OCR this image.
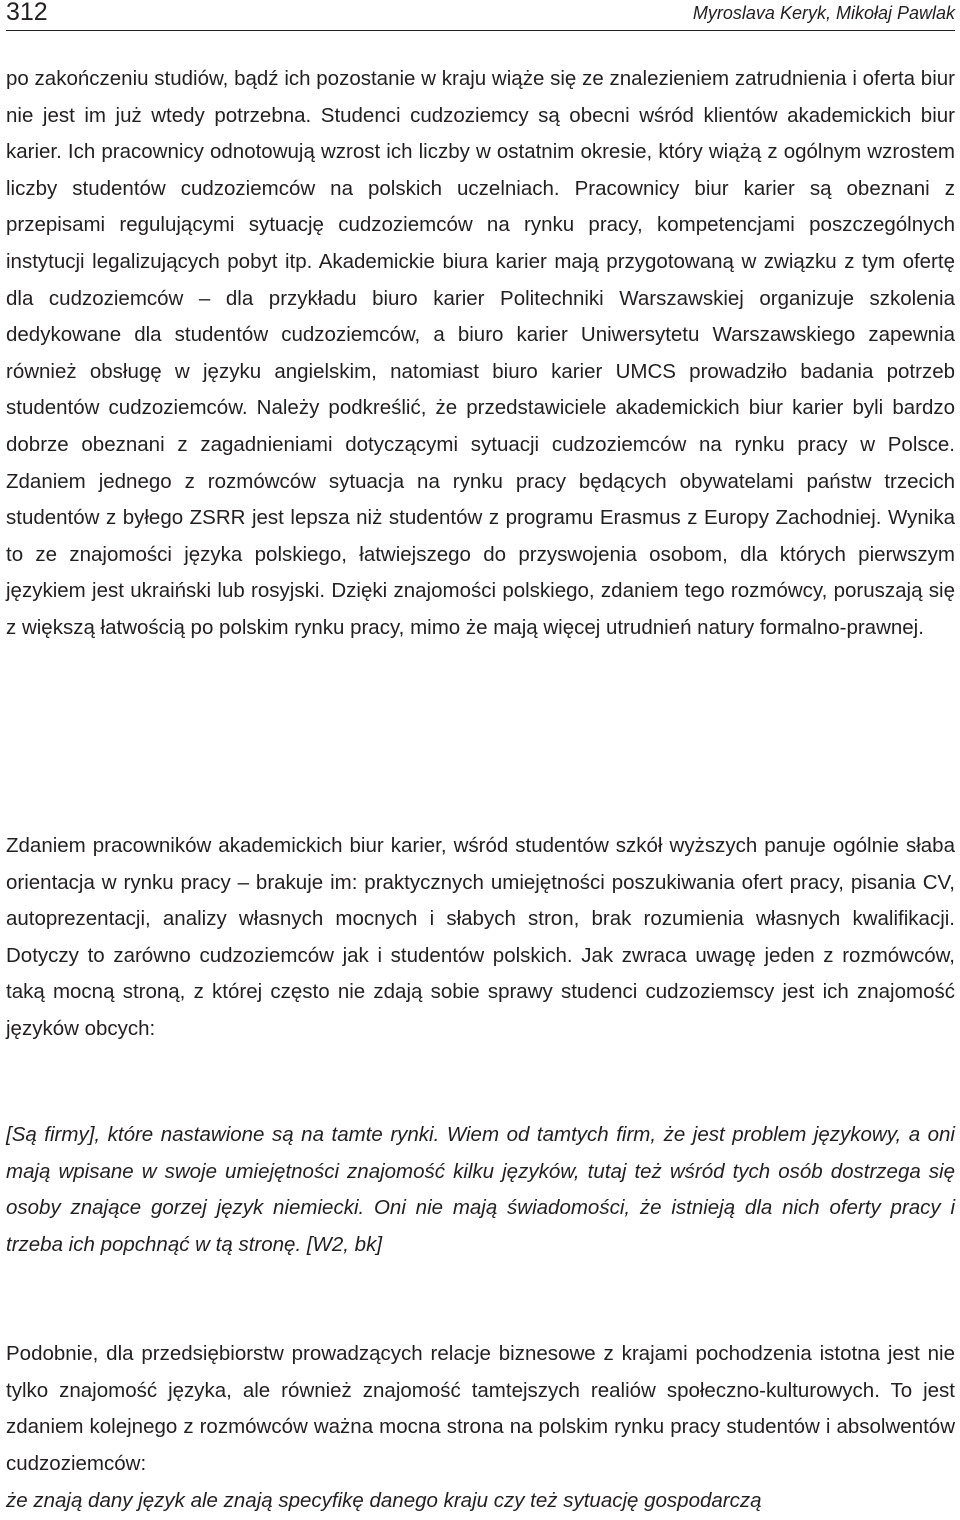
312	Myroslava Keryk, Mikołaj Pawlak

po zakończeniu studiów, bądź ich pozostanie w kraju wiąże się ze znalezieniem zatrudnienia i oferta biur nie jest im już wtedy potrzebna. Studenci cudzoziemcy są obecni wśród klientów akademickich biur karier. Ich pracownicy odnotowują wzrost ich liczby w ostatnim okresie, który wiążą z ogólnym wzrostem liczby studentów cudzoziemców na polskich uczelniach. Pracownicy biur karier są obeznani z przepisami regulującymi sytuację cudzoziemców na rynku pracy, kompetencjami poszczególnych instytucji legalizujących pobyt itp. Akademickie biura karier mają przygotowaną w związku z tym ofertę dla cudzoziemców – dla przykładu biuro karier Politechniki Warszawskiej organizuje szkolenia dedykowane dla studentów cudzoziemców, a biuro karier Uniwersytetu Warszawskiego zapewnia również obsługę w języku angielskim, natomiast biuro karier UMCS prowadziło badania potrzeb studentów cudzoziemców. Należy podkreślić, że przedstawiciele akademickich biur karier byli bardzo dobrze obeznani z zagadnieniami dotyczącymi sytuacji cudzoziemców na rynku pracy w Polsce. Zdaniem jednego z rozmówców sytuacja na rynku pracy będących obywatelami państw trzecich studentów z byłego ZSRR jest lepsza niż studentów z programu Erasmus z Europy Zachodniej. Wynika to ze znajomości języka polskiego, łatwiejszego do przyswojenia osobom, dla których pierwszym językiem jest ukraiński lub rosyjski. Dzięki znajomości polskiego, zdaniem tego rozmówcy, poruszają się z większą łatwością po polskim rynku pracy, mimo że mają więcej utrudnień natury formalno-prawnej.

Zdaniem pracowników akademickich biur karier, wśród studentów szkół wyższych panuje ogólnie słaba orientacja w rynku pracy – brakuje im: praktycznych umiejętności poszukiwania ofert pracy, pisania CV, autoprezentacji, analizy własnych mocnych i słabych stron, brak rozumienia własnych kwalifikacji. Dotyczy to zarówno cudzoziemców jak i studentów polskich. Jak zwraca uwagę jeden z rozmówców, taką mocną stroną, z której często nie zdają sobie sprawy studenci cudzoziemscy jest ich znajomość języków obcych:

[Są firmy], które nastawione są na tamte rynki. Wiem od tamtych firm, że jest problem językowy, a oni mają wpisane w swoje umiejętności znajomość kilku języków, tutaj też wśród tych osób dostrzega się osoby znające gorzej język niemiecki. Oni nie mają świadomości, że istnieją dla nich oferty pracy i trzeba ich popchnąć w tą stronę. [W2, bk]

Podobnie, dla przedsiębiorstw prowadzących relacje biznesowe z krajami pochodzenia istotna jest nie tylko znajomość języka, ale również znajomość tamtejszych realiów społeczno-kulturowych. To jest zdaniem kolejnego z rozmówców ważna mocna strona na polskim rynku pracy studentów i absolwentów cudzoziemców:

że znają dany język ale znają specyfikę danego kraju czy też sytuację gospodarczą
